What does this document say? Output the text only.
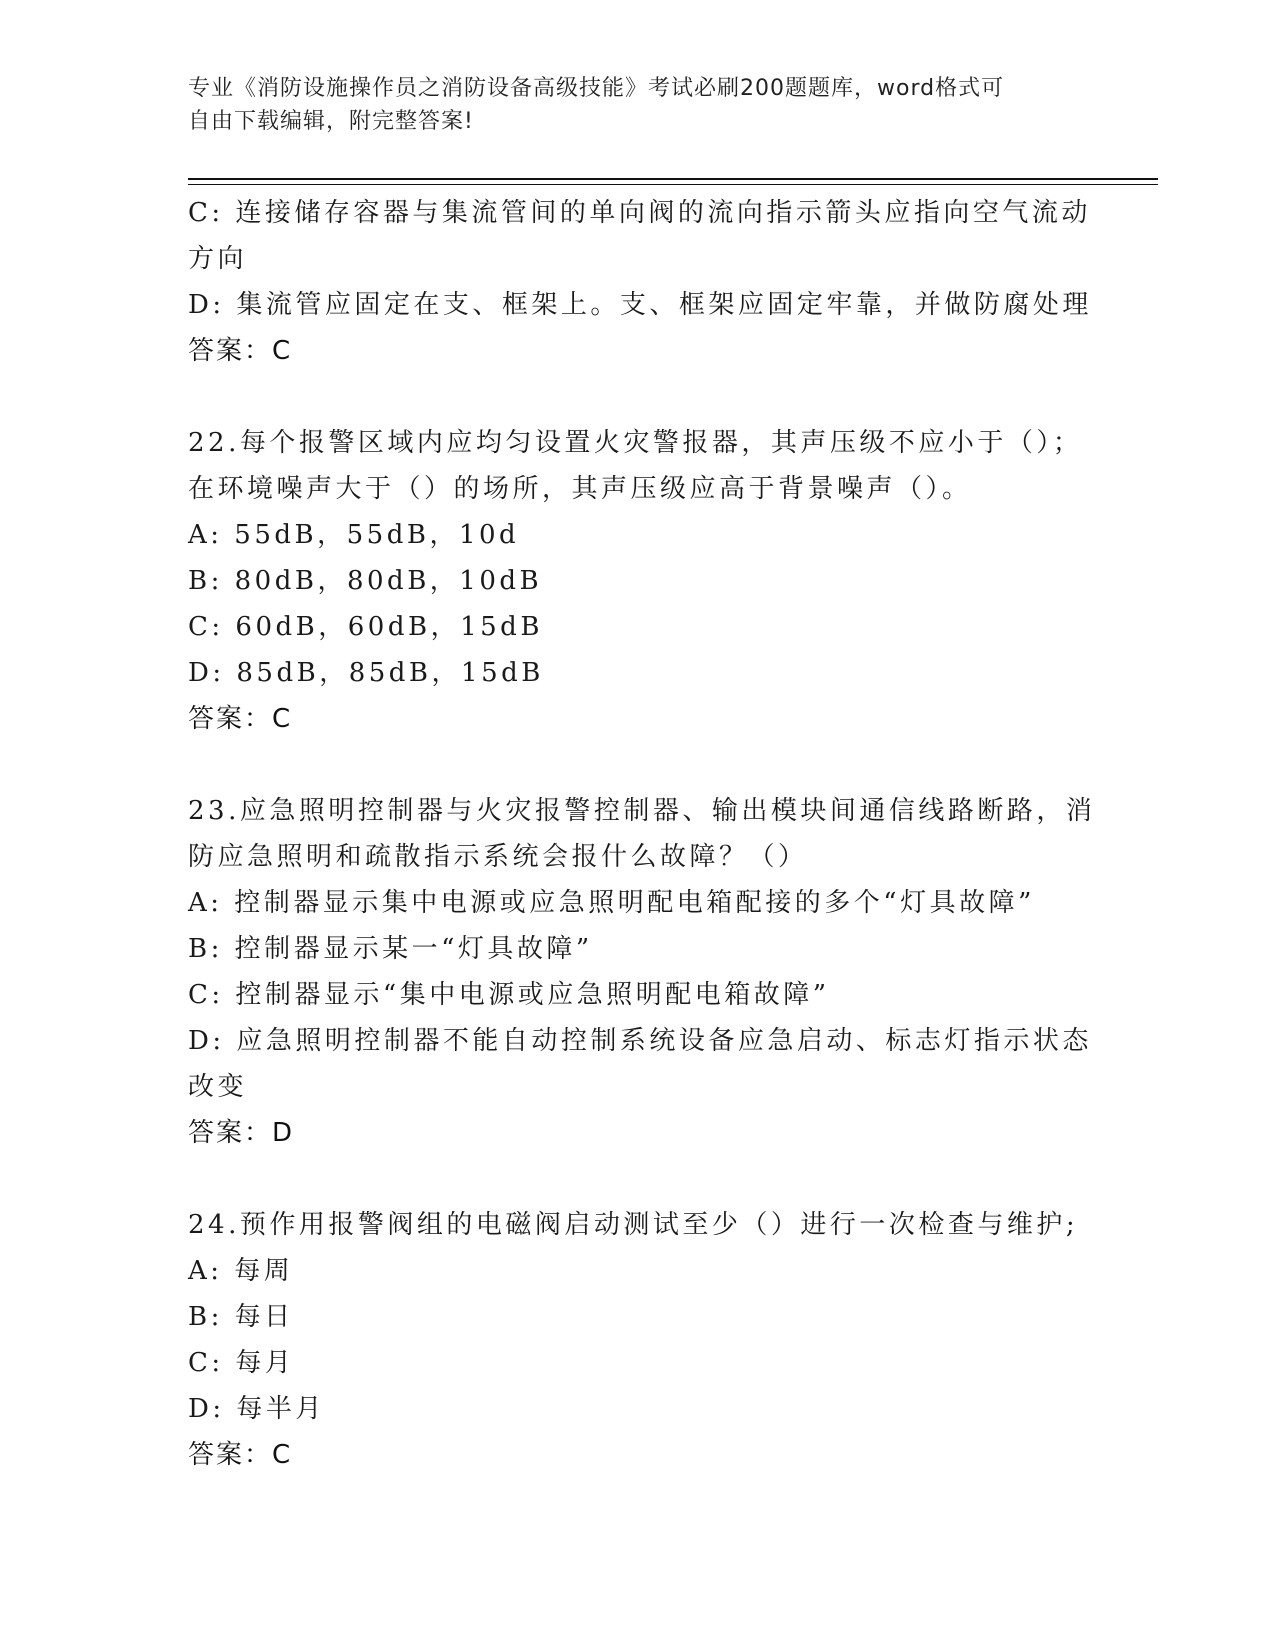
专业《消防设施操作员之消防设备高级技能》考试必刷200题题库，word格式可
自由下载编辑，附完整答案!
C: 连接储存容器与集流管间的单向阀的流向指示箭头应指向空气流动
方向
D: 集流管应固定在支、框架上。支、框架应固定牢靠，并做防腐处理
答案：C
22.每个报警区域内应均匀设置火灾警报器，其声压级不应小于（）；
在环境噪声大于（）的场所，其声压级应高于背景噪声（）。
A: 55dB，55dB，10d
B: 80dB，80dB，10dB
C: 60dB，60dB，15dB
D: 85dB，85dB，15dB
答案：C
23.应急照明控制器与火灾报警控制器、输出模块间通信线路断路，消
防应急照明和疏散指示系统会报什么故障？（）
A: 控制器显示集中电源或应急照明配电箱配接的多个“灯具故障”
B: 控制器显示某一“灯具故障”
C: 控制器显示“集中电源或应急照明配电箱故障”
D: 应急照明控制器不能自动控制系统设备应急启动、标志灯指示状态
改变
答案：D
24.预作用报警阀组的电磁阀启动测试至少（）进行一次检查与维护;
A: 每周
B: 每日
C: 每月
D: 每半月
答案：C
